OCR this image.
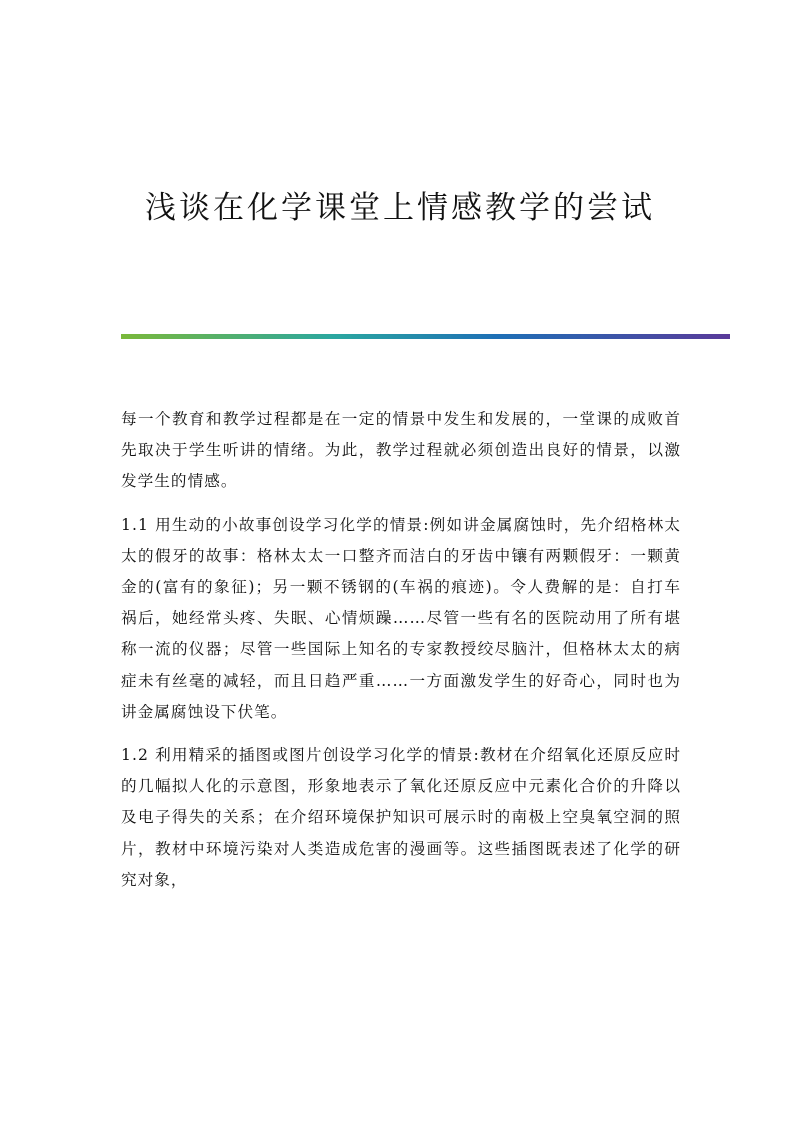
浅谈在化学课堂上情感教学的尝试

每一个教育和教学过程都是在一定的情景中发生和发展的，一堂课的成败首先取决于学生听讲的情绪。为此，教学过程就必须创造出良好的情景，以激发学生的情感。

1.1 用生动的小故事创设学习化学的情景:例如讲金属腐蚀时，先介绍格林太太的假牙的故事：格林太太一口整齐而洁白的牙齿中镶有两颗假牙：一颗黄金的(富有的象征)；另一颗不锈钢的(车祸的痕迹)。令人费解的是：自打车祸后，她经常头疼、失眠、心情烦躁……尽管一些有名的医院动用了所有堪称一流的仪器；尽管一些国际上知名的专家教授绞尽脑汁，但格林太太的病症未有丝毫的减轻，而且日趋严重……一方面激发学生的好奇心，同时也为讲金属腐蚀设下伏笔。

1.2 利用精采的插图或图片创设学习化学的情景:教材在介绍氧化还原反应时的几幅拟人化的示意图，形象地表示了氧化还原反应中元素化合价的升降以及电子得失的关系；在介绍环境保护知识可展示时的南极上空臭氧空洞的照片，教材中环境污染对人类造成危害的漫画等。这些插图既表述了化学的研究对象，
